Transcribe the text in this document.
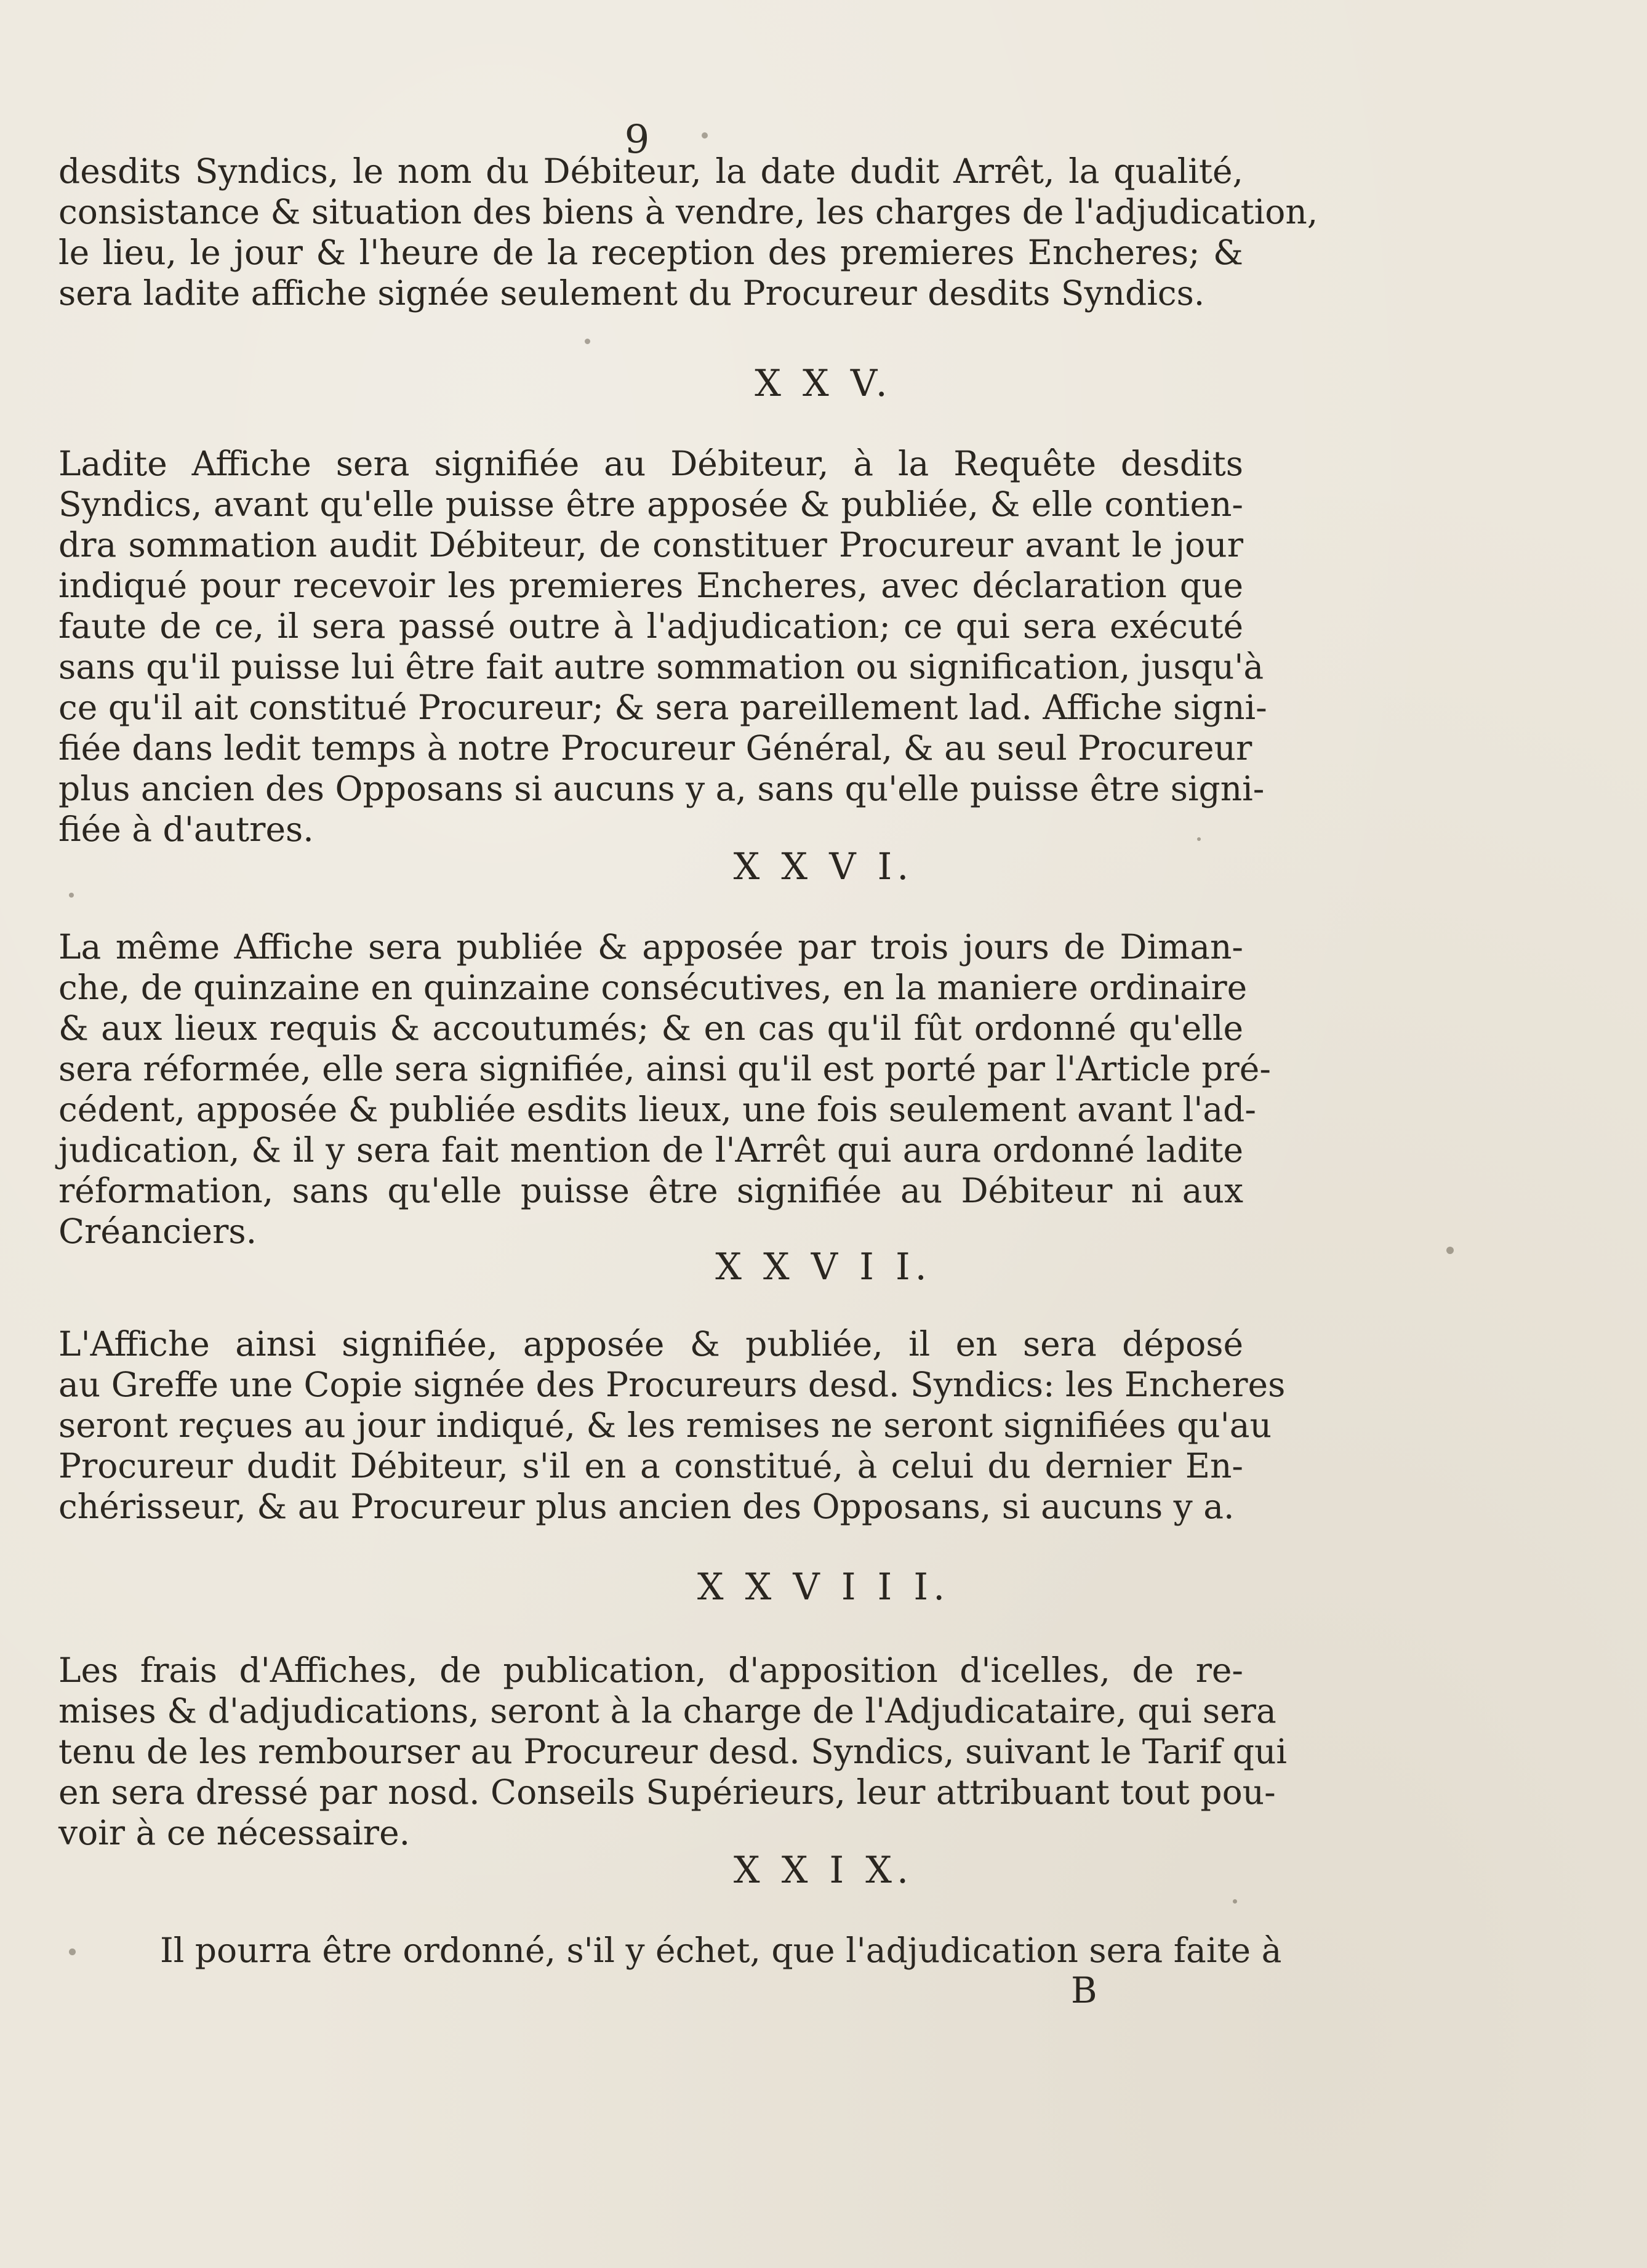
9
desdits Syndics, le nom du Débiteur, la date dudit Arrêt, la qualité,
consistance & situation des biens à vendre, les charges de l'adjudication,
le lieu, le jour & l'heure de la reception des premieres Encheres; &
sera ladite affiche signée seulement du Procureur desdits Syndics.
X X V.
Ladite Affiche sera signifiée au Débiteur, à la Requête desdits
Syndics, avant qu'elle puisse être apposée & publiée, & elle contien-
dra sommation audit Débiteur, de constituer Procureur avant le jour
indiqué pour recevoir les premieres Encheres, avec déclaration que
faute de ce, il sera passé outre à l'adjudication; ce qui sera exécuté
sans qu'il puisse lui être fait autre sommation ou signification, jusqu'à
ce qu'il ait constitué Procureur; & sera pareillement lad. Affiche signi-
fiée dans ledit temps à notre Procureur Général, & au seul Procureur
plus ancien des Opposans si aucuns y a, sans qu'elle puisse être signi-
fiée à d'autres.
X X V I.
La même Affiche sera publiée & apposée par trois jours de Diman-
che, de quinzaine en quinzaine consécutives, en la maniere ordinaire
& aux lieux requis & accoutumés; & en cas qu'il fût ordonné qu'elle
sera réformée, elle sera signifiée, ainsi qu'il est porté par l'Article pré-
cédent, apposée & publiée esdits lieux, une fois seulement avant l'ad-
judication, & il y sera fait mention de l'Arrêt qui aura ordonné ladite
réformation, sans qu'elle puisse être signifiée au Débiteur ni aux
Créanciers.
X X V I I.
L'Affiche ainsi signifiée, apposée & publiée, il en sera déposé
au Greffe une Copie signée des Procureurs desd. Syndics: les Encheres
seront reçues au jour indiqué, & les remises ne seront signifiées qu'au
Procureur dudit Débiteur, s'il en a constitué, à celui du dernier En-
chérisseur, & au Procureur plus ancien des Opposans, si aucuns y a.
X X V I I I.
Les frais d'Affiches, de publication, d'apposition d'icelles, de re-
mises & d'adjudications, seront à la charge de l'Adjudicataire, qui sera
tenu de les rembourser au Procureur desd. Syndics, suivant le Tarif qui
en sera dressé par nosd. Conseils Supérieurs, leur attribuant tout pou-
voir à ce nécessaire.
X X I X.
Il pourra être ordonné, s'il y échet, que l'adjudication sera faite à
B
